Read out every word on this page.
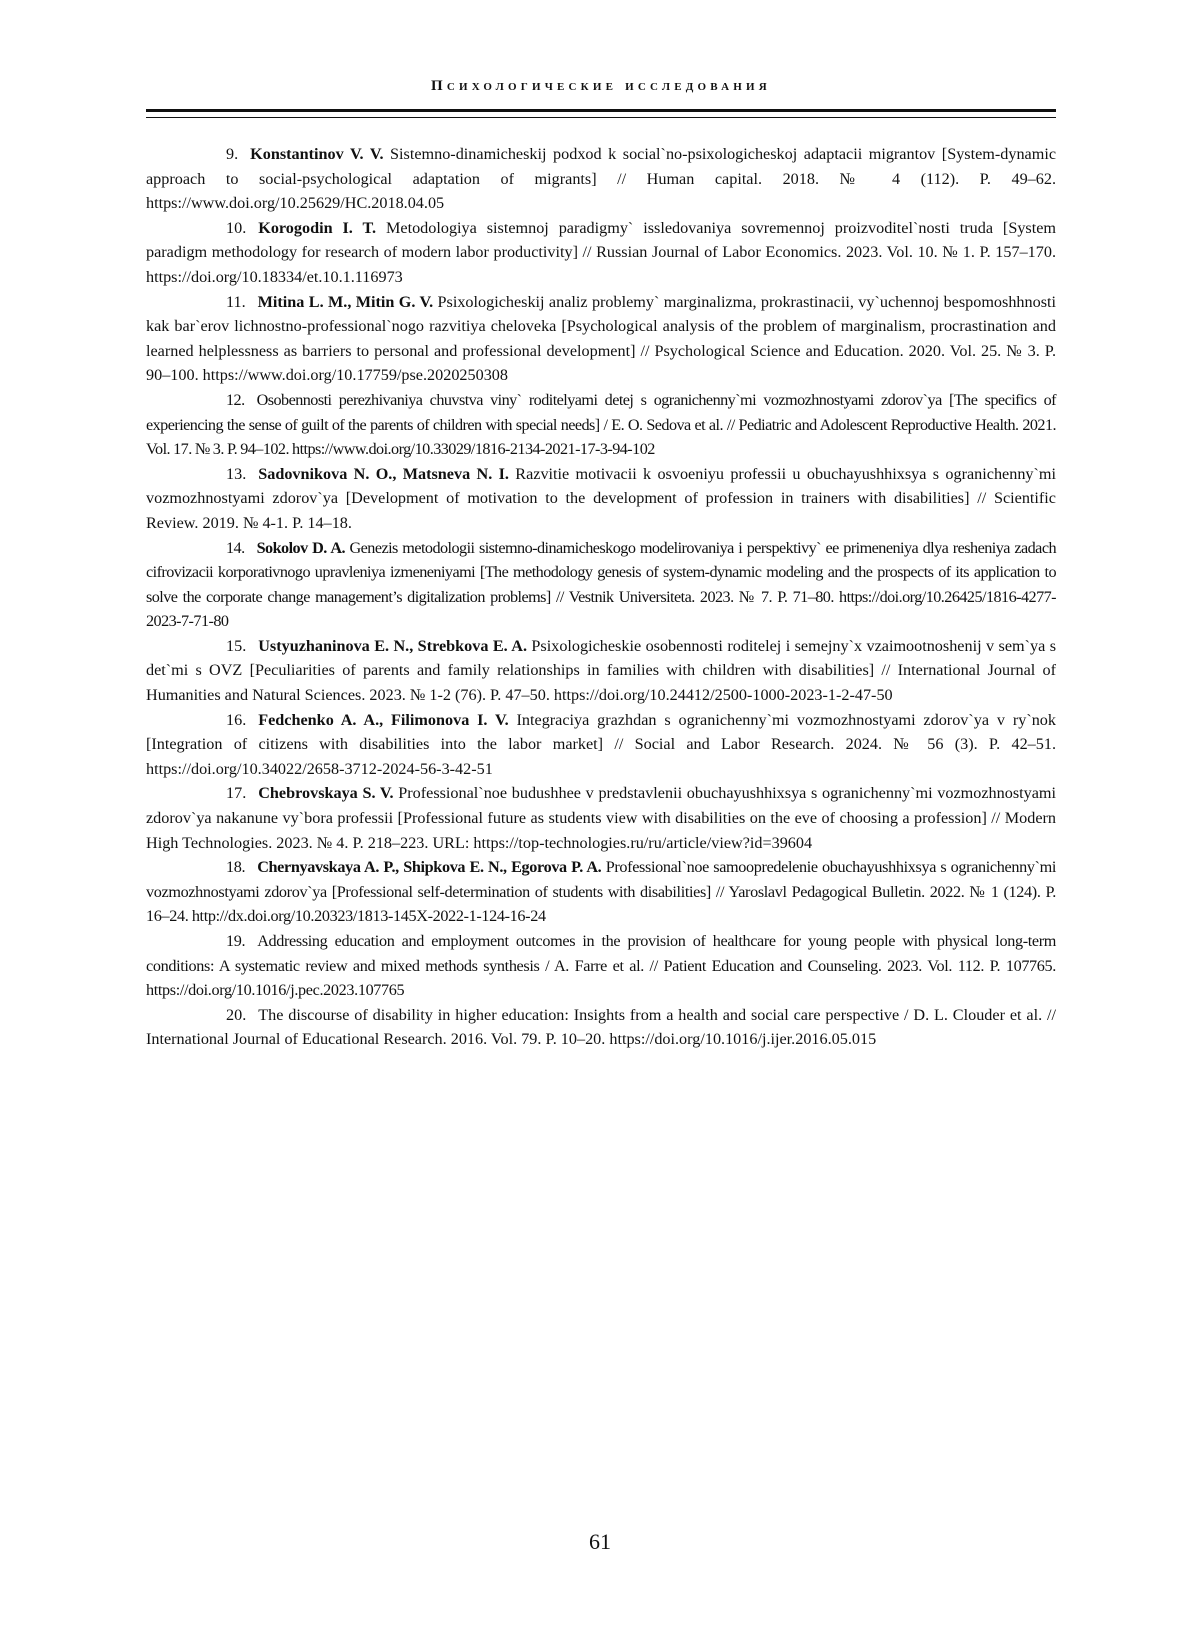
Психологические исследования
9. Konstantinov V. V. Sistemno-dinamicheskij podxod k social`no-psixologicheskoj adaptacii migrantov [System-dynamic approach to social-psychological adaptation of migrants] // Human capital. 2018. № 4 (112). P. 49–62. https://www.doi.org/10.25629/HC.2018.04.05
10. Korogodin I. T. Metodologiya sistemnoj paradigmy` issledovaniya sovremennoj proizvoditel`nosti truda [System paradigm methodology for research of modern labor productivity] // Russian Journal of Labor Economics. 2023. Vol. 10. № 1. P. 157–170. https://doi.org/10.18334/et.10.1.116973
11. Mitina L. M., Mitin G. V. Psixologicheskij analiz problemy` marginalizma, prokrastinacii, vy`uchennoj bespomoshhnosti kak bar`erov lichnostno-professional`nogo razvitiya cheloveka [Psychological analysis of the problem of marginalism, procrastination and learned helplessness as barriers to personal and professional development] // Psychological Science and Education. 2020. Vol. 25. № 3. P. 90–100. https://www.doi.org/10.17759/pse.2020250308
12. Osobennosti perezhivaniya chuvstva viny` roditelyami detej s ogranichenny`mi vozmozhnostyami zdorov`ya [The specifics of experiencing the sense of guilt of the parents of children with special needs] / E. O. Sedova et al. // Pediatric and Adolescent Reproductive Health. 2021. Vol. 17. № 3. P. 94–102. https://www.doi.org/10.33029/1816-2134-2021-17-3-94-102
13. Sadovnikova N. O., Matsneva N. I. Razvitie motivacii k osvoeniyu professii u obuchayushhixsya s ogranichenny`mi vozmozhnostyami zdorov`ya [Development of motivation to the development of profession in trainers with disabilities] // Scientific Review. 2019. № 4-1. P. 14–18.
14. Sokolov D. A. Genezis metodologii sistemno-dinamicheskogo modelirovaniya i perspektivy` ee primeneniya dlya resheniya zadach cifrovizacii korporativnogo upravleniya izmeneniyami [The methodology genesis of system-dynamic modeling and the prospects of its application to solve the corporate change management’s digitalization problems] // Vestnik Universiteta. 2023. № 7. P. 71–80. https://doi.org/10.26425/1816-4277-2023-7-71-80
15. Ustyuzhaninova E. N., Strebkova E. A. Psixologicheskie osobennosti roditelej i semejny`x vzaimootnoshenij v sem`ya s det`mi s OVZ [Peculiarities of parents and family relationships in families with children with disabilities] // International Journal of Humanities and Natural Sciences. 2023. № 1-2 (76). P. 47–50. https://doi.org/10.24412/2500-1000-2023-1-2-47-50
16. Fedchenko A. A., Filimonova I. V. Integraciya grazhdan s ogranichenny`mi vozmozhnostyami zdorov`ya v ry`nok [Integration of citizens with disabilities into the labor market] // Social and Labor Research. 2024. № 56 (3). P. 42–51. https://doi.org/10.34022/2658-3712-2024-56-3-42-51
17. Chebrovskaya S. V. Professional`noe budushhee v predstavlenii obuchayushhixsya s ogranichenny`mi vozmozhnostyami zdorov`ya nakanune vy`bora professii [Professional future as students view with disabilities on the eve of choosing a profession] // Modern High Technologies. 2023. № 4. P. 218–223. URL: https://top-technologies.ru/ru/article/view?id=39604
18. Chernyavskaya A. P., Shipkova E. N., Egorova P. A. Professional`noe samoopredelenie obuchayushhixsya s ogranichenny`mi vozmozhnostyami zdorov`ya [Professional self-determination of students with disabilities] // Yaroslavl Pedagogical Bulletin. 2022. № 1 (124). P. 16–24. http://dx.doi.org/10.20323/1813-145X-2022-1-124-16-24
19. Addressing education and employment outcomes in the provision of healthcare for young people with physical long-term conditions: A systematic review and mixed methods synthesis / A. Farre et al. // Patient Education and Counseling. 2023. Vol. 112. P. 107765. https://doi.org/10.1016/j.pec.2023.107765
20. The discourse of disability in higher education: Insights from a health and social care perspective / D. L. Clouder et al. // International Journal of Educational Research. 2016. Vol. 79. P. 10–20. https://doi.org/10.1016/j.ijer.2016.05.015
61
